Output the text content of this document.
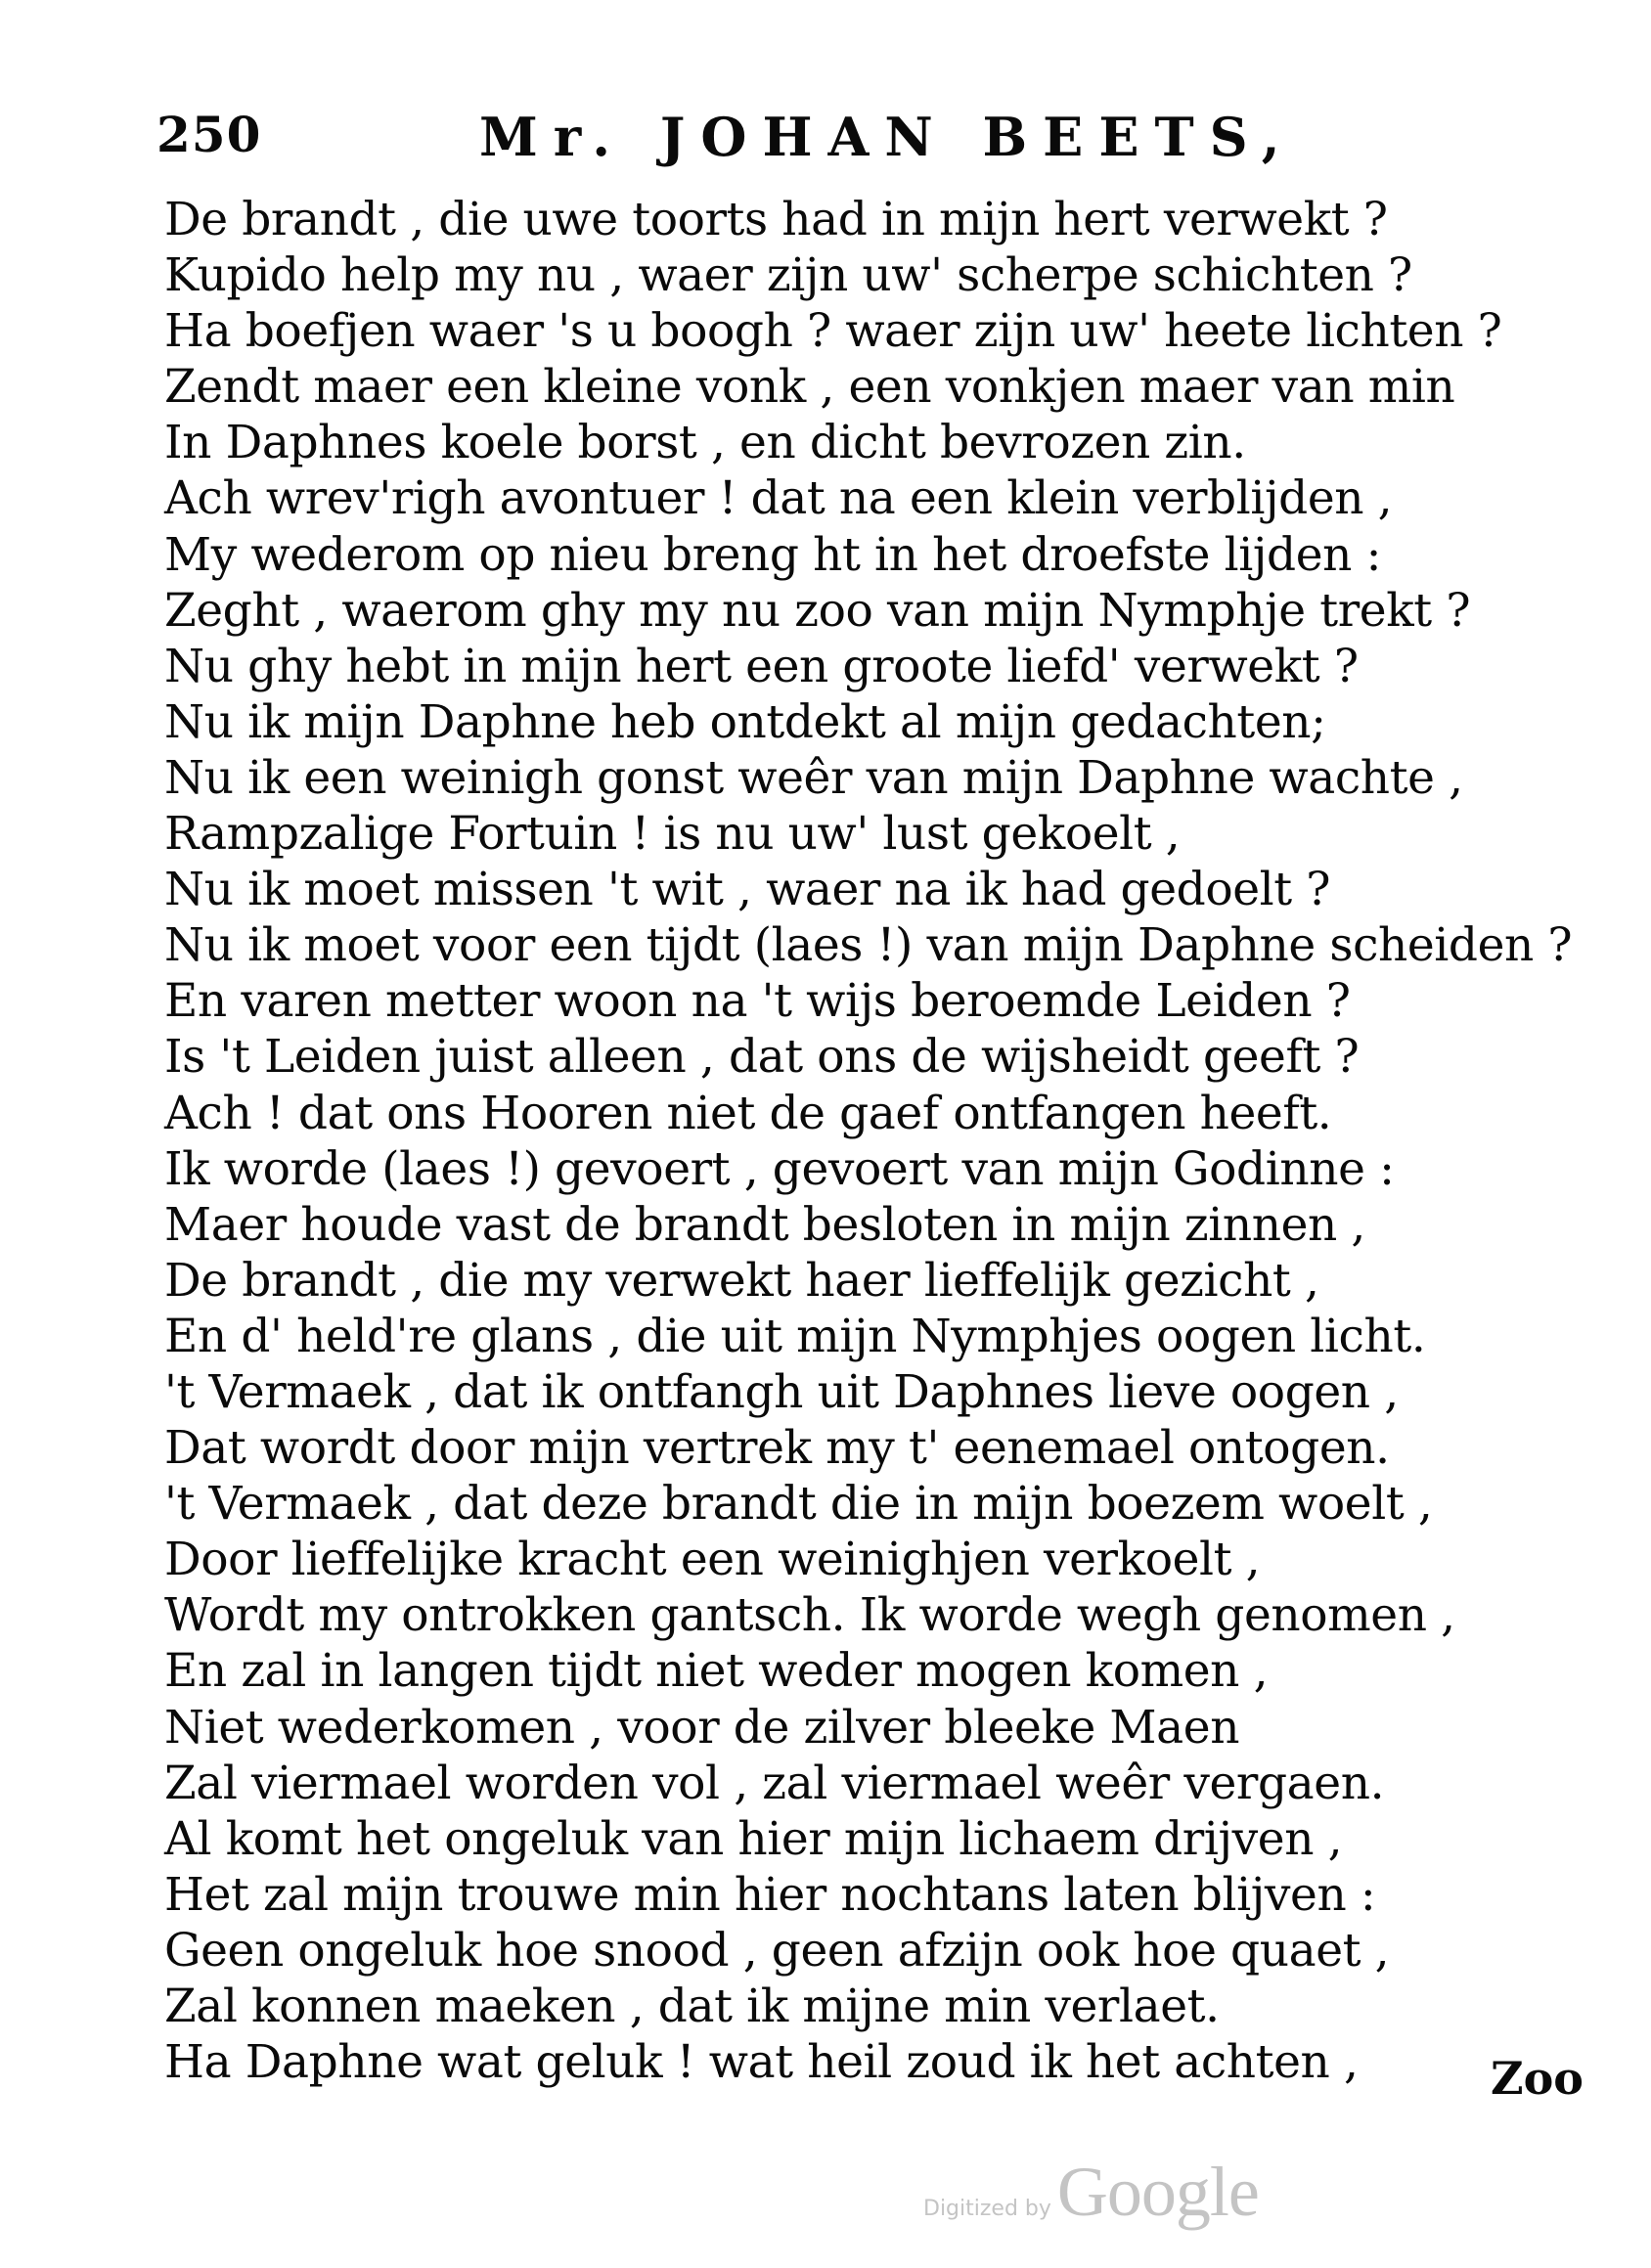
250	Mr. JOHAN BEETS,
De brandt , die uwe toorts had in mijn hert verwekt ?
Kupido help my nu , waer zijn uw' scherpe schichten ?
Ha boefjen waer 's u boogh ? waer zijn uw' heete lichten ?
Zendt maer een kleine vonk , een vonkjen maer van min
In Daphnes koele borst , en dicht bevrozen zin.
Ach wrev'righ avontuer ! dat na een klein verblijden ,
My wederom op nieu breng ht in het droefste lijden :
Zeght , waerom ghy my nu zoo van mijn Nymphje trekt ?
Nu ghy hebt in mijn hert een groote liefd' verwekt ?
Nu ik mijn Daphne heb ontdekt al mijn gedachten;
Nu ik een weinigh gonst weêr van mijn Daphne wachte ,
Rampzalige Fortuin ! is nu uw' lust gekoelt ,
Nu ik moet missen 't wit , waer na ik had gedoelt ?
Nu ik moet voor een tijdt (laes !) van mijn Daphne scheiden ?
En varen metter woon na 't wijs beroemde Leiden ?
Is 't Leiden juist alleen , dat ons de wijsheidt geeft ?
Ach ! dat ons Hooren niet de gaef ontfangen heeft.
Ik worde (laes !) gevoert , gevoert van mijn Godinne :
Maer houde vast de brandt besloten in mijn zinnen ,
De brandt , die my verwekt haer lieffelijk gezicht ,
En d' held're glans , die uit mijn Nymphjes oogen licht.
't Vermaek , dat ik ontfangh uit Daphnes lieve oogen ,
Dat wordt door mijn vertrek my t' eenemael ontogen.
't Vermaek , dat deze brandt die in mijn boezem woelt ,
Door lieffelijke kracht een weinighjen verkoelt ,
Wordt my ontrokken gantsch. Ik worde wegh genomen ,
En zal in langen tijdt niet weder mogen komen ,
Niet wederkomen , voor de zilver bleeke Maen
Zal viermael worden vol , zal viermael weêr vergaen.
Al komt het ongeluk van hier mijn lichaem drijven ,
Het zal mijn trouwe min hier nochtans laten blijven :
Geen ongeluk hoe snood , geen afzijn ook hoe quaet ,
Zal konnen maeken , dat ik mijne min verlaet.
Ha Daphne wat geluk ! wat heil zoud ik het achten ,	Zoo
Digitized byGoogle
